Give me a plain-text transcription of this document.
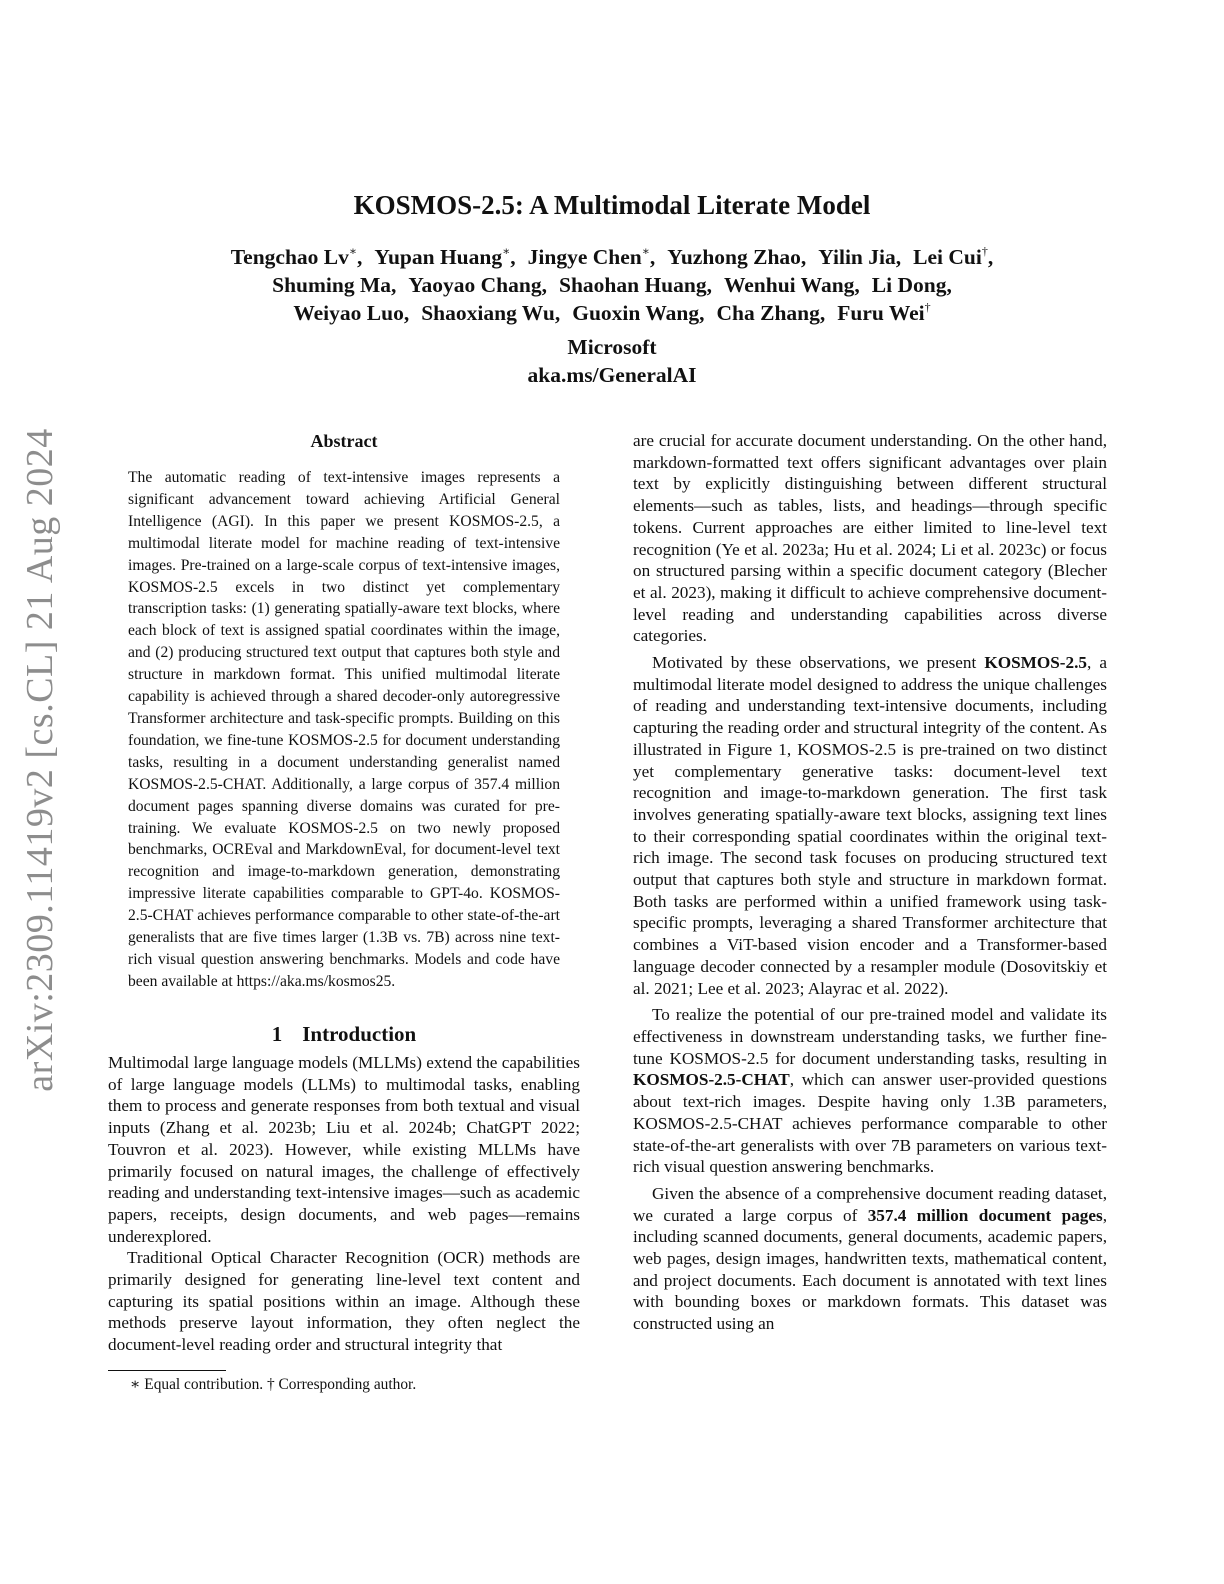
arXiv:2309.11419v2 [cs.CL] 21 Aug 2024
KOSMOS-2.5: A Multimodal Literate Model
Tengchao Lv∗, Yupan Huang∗, Jingye Chen∗, Yuzhong Zhao, Yilin Jia, Lei Cui†,
Shuming Ma, Yaoyao Chang, Shaohan Huang, Wenhui Wang, Li Dong,
Weiyao Luo, Shaoxiang Wu, Guoxin Wang, Cha Zhang, Furu Wei†
Microsoft
aka.ms/GeneralAI
Abstract
The automatic reading of text-intensive images represents a significant advancement toward achieving Artificial General Intelligence (AGI). In this paper we present KOSMOS-2.5, a multimodal literate model for machine reading of text-intensive images. Pre-trained on a large-scale corpus of text-intensive images, KOSMOS-2.5 excels in two distinct yet complementary transcription tasks: (1) generating spatially-aware text blocks, where each block of text is assigned spatial coordinates within the image, and (2) producing structured text output that captures both style and structure in markdown format. This unified multimodal literate capability is achieved through a shared decoder-only autoregressive Transformer architecture and task-specific prompts. Building on this foundation, we fine-tune KOSMOS-2.5 for document understanding tasks, resulting in a document understanding generalist named KOSMOS-2.5-CHAT. Additionally, a large corpus of 357.4 million document pages spanning diverse domains was curated for pre-training. We evaluate KOSMOS-2.5 on two newly proposed benchmarks, OCREval and MarkdownEval, for document-level text recognition and image-to-markdown generation, demonstrating impressive literate capabilities comparable to GPT-4o. KOSMOS-2.5-CHAT achieves performance comparable to other state-of-the-art generalists that are five times larger (1.3B vs. 7B) across nine text-rich visual question answering benchmarks. Models and code have been available at https://aka.ms/kosmos25.
1 Introduction

Multimodal large language models (MLLMs) extend the capabilities of large language models (LLMs) to multimodal tasks, enabling them to process and generate responses from both textual and visual inputs (Zhang et al. 2023b; Liu et al. 2024b; ChatGPT 2022; Touvron et al. 2023). However, while existing MLLMs have primarily focused on natural images, the challenge of effectively reading and understanding text-intensive images—such as academic papers, receipts, design documents, and web pages—remains underexplored.

Traditional Optical Character Recognition (OCR) methods are primarily designed for generating line-level text content and capturing its spatial positions within an image. Although these methods preserve layout information, they often neglect the document-level reading order and structural integrity that

are crucial for accurate document understanding. On the other hand, markdown-formatted text offers significant advantages over plain text by explicitly distinguishing between different structural elements—such as tables, lists, and headings—through specific tokens. Current approaches are either limited to line-level text recognition (Ye et al. 2023a; Hu et al. 2024; Li et al. 2023c) or focus on structured parsing within a specific document category (Blecher et al. 2023), making it difficult to achieve comprehensive document-level reading and understanding capabilities across diverse categories.

Motivated by these observations, we present KOSMOS-2.5, a multimodal literate model designed to address the unique challenges of reading and understanding text-intensive documents, including capturing the reading order and structural integrity of the content. As illustrated in Figure 1, KOSMOS-2.5 is pre-trained on two distinct yet complementary generative tasks: document-level text recognition and image-to-markdown generation. The first task involves generating spatially-aware text blocks, assigning text lines to their corresponding spatial coordinates within the original text-rich image. The second task focuses on producing structured text output that captures both style and structure in markdown format. Both tasks are performed within a unified framework using task-specific prompts, leveraging a shared Transformer architecture that combines a ViT-based vision encoder and a Transformer-based language decoder connected by a resampler module (Dosovitskiy et al. 2021; Lee et al. 2023; Alayrac et al. 2022).

To realize the potential of our pre-trained model and validate its effectiveness in downstream understanding tasks, we further fine-tune KOSMOS-2.5 for document understanding tasks, resulting in KOSMOS-2.5-CHAT, which can answer user-provided questions about text-rich images. Despite having only 1.3B parameters, KOSMOS-2.5-CHAT achieves performance comparable to other state-of-the-art generalists with over 7B parameters on various text-rich visual question answering benchmarks.

Given the absence of a comprehensive document reading dataset, we curated a large corpus of 357.4 million document pages, including scanned documents, general documents, academic papers, web pages, design images, handwritten texts, mathematical content, and project documents. Each document is annotated with text lines with bounding boxes or markdown formats. This dataset was constructed using an

∗ Equal contribution. † Corresponding author.
